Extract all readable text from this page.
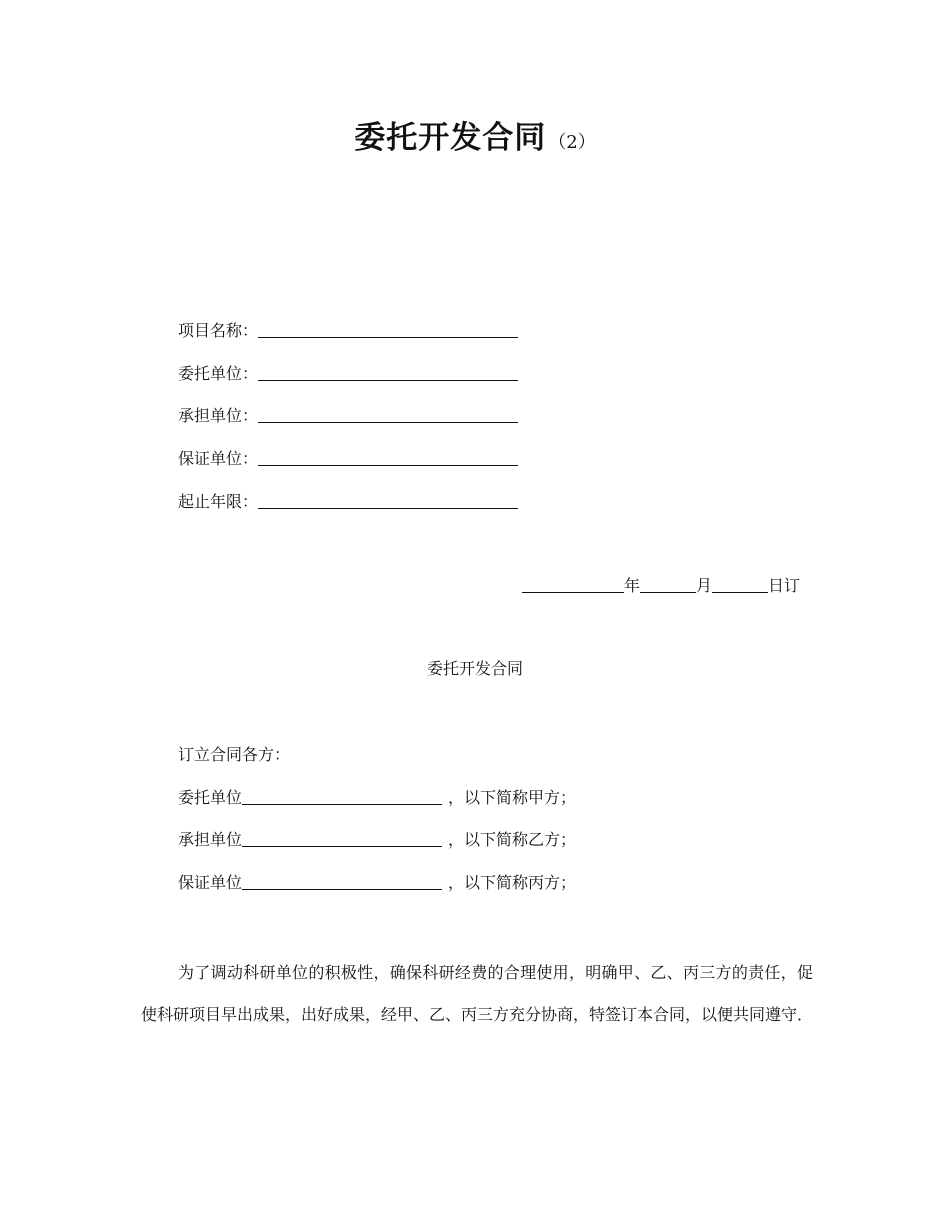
委托开发合同 （2）
项目名称：
委托单位：
承担单位：
保证单位：
起止年限：
年	月	日订
委托开发合同
订立合同各方：
委托单位	，以下简称甲方；
承担单位	，以下简称乙方；
保证单位	，以下简称丙方；
为了调动科研单位的积极性，确保科研经费的合理使用，明确甲、乙、丙三方的责任，促使科研项目早出成果，出好成果，经甲、乙、丙三方充分协商，特签订本合同，以便共同遵守．
